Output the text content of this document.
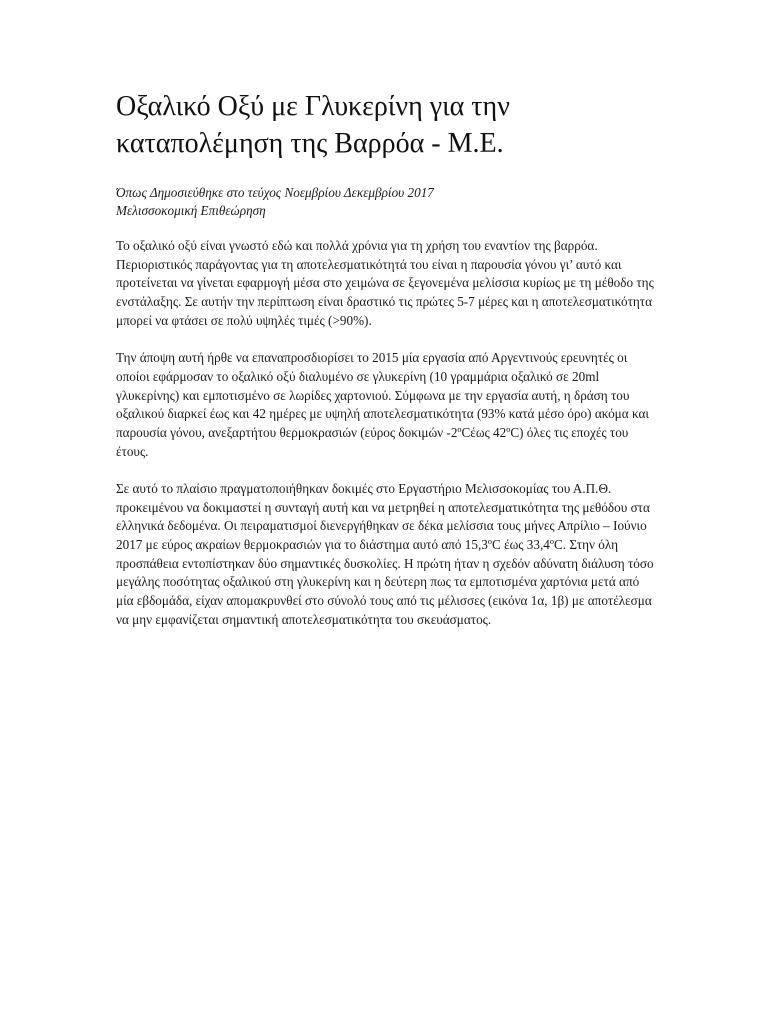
Οξαλικό Οξύ με Γλυκερίνη για την καταπολέμηση της Βαρρόα - Μ.Ε.
Όπως Δημοσιεύθηκε στο τεύχος Νοεμβρίου Δεκεμβρίου 2017
Μελισσοκομική Επιθεώρηση

Το οξαλικό οξύ είναι γνωστό εδώ και πολλά χρόνια για τη χρήση του εναντίον της βαρρόα. Περιοριστικός παράγοντας για τη αποτελεσματικότητά του είναι η παρουσία γόνου γι’ αυτό και προτείνεται να γίνεται εφαρμογή μέσα στο χειμώνα σε ξεγονεμένα μελίσσια κυρίως με τη μέθοδο της ενστάλαξης. Σε αυτήν την περίπτωση είναι δραστικό τις πρώτες 5-7 μέρες και η αποτελεσματικότητα μπορεί να φτάσει σε πολύ υψηλές τιμές (>90%).

Την άποψη αυτή ήρθε να επαναπροσδιορίσει το 2015 μία εργασία από Αργεντινούς ερευνητές οι οποίοι εφάρμοσαν το οξαλικό οξύ διαλυμένο σε γλυκερίνη (10 γραμμάρια οξαλικό σε 20ml γλυκερίνης) και εμποτισμένο σε λωρίδες χαρτονιού. Σύμφωνα με την εργασία αυτή, η δράση του οξαλικού διαρκεί έως και 42 ημέρες με υψηλή αποτελεσματικότητα (93% κατά μέσο όρο) ακόμα και παρουσία γόνου, ανεξαρτήτου θερμοκρασιών (εύρος δοκιμών -2ºCέως 42ºC) όλες τις εποχές του έτους.

Σε αυτό το πλαίσιο πραγματοποιήθηκαν δοκιμές στο Εργαστήριο Μελισσοκομίας του Α.Π.Θ. προκειμένου να δοκιμαστεί η συνταγή αυτή και να μετρηθεί η αποτελεσματικότητα της μεθόδου στα ελληνικά δεδομένα. Οι πειραματισμοί διενεργήθηκαν σε δέκα μελίσσια τους μήνες Απρίλιο – Ιούνιο 2017 με εύρος ακραίων θερμοκρασιών για το διάστημα αυτό από 15,3ºC έως 33,4ºC. Στην όλη προσπάθεια εντοπίστηκαν δύο σημαντικές δυσκολίες. Η πρώτη ήταν η σχεδόν αδύνατη διάλυση τόσο μεγάλης ποσότητας οξαλικού στη γλυκερίνη και η δεύτερη πως τα εμποτισμένα χαρτόνια μετά από μία εβδομάδα, είχαν απομακρυνθεί στο σύνολό τους από τις μέλισσες (εικόνα 1α, 1β) με αποτέλεσμα να μην εμφανίζεται σημαντική αποτελεσματικότητα του σκευάσματος.
